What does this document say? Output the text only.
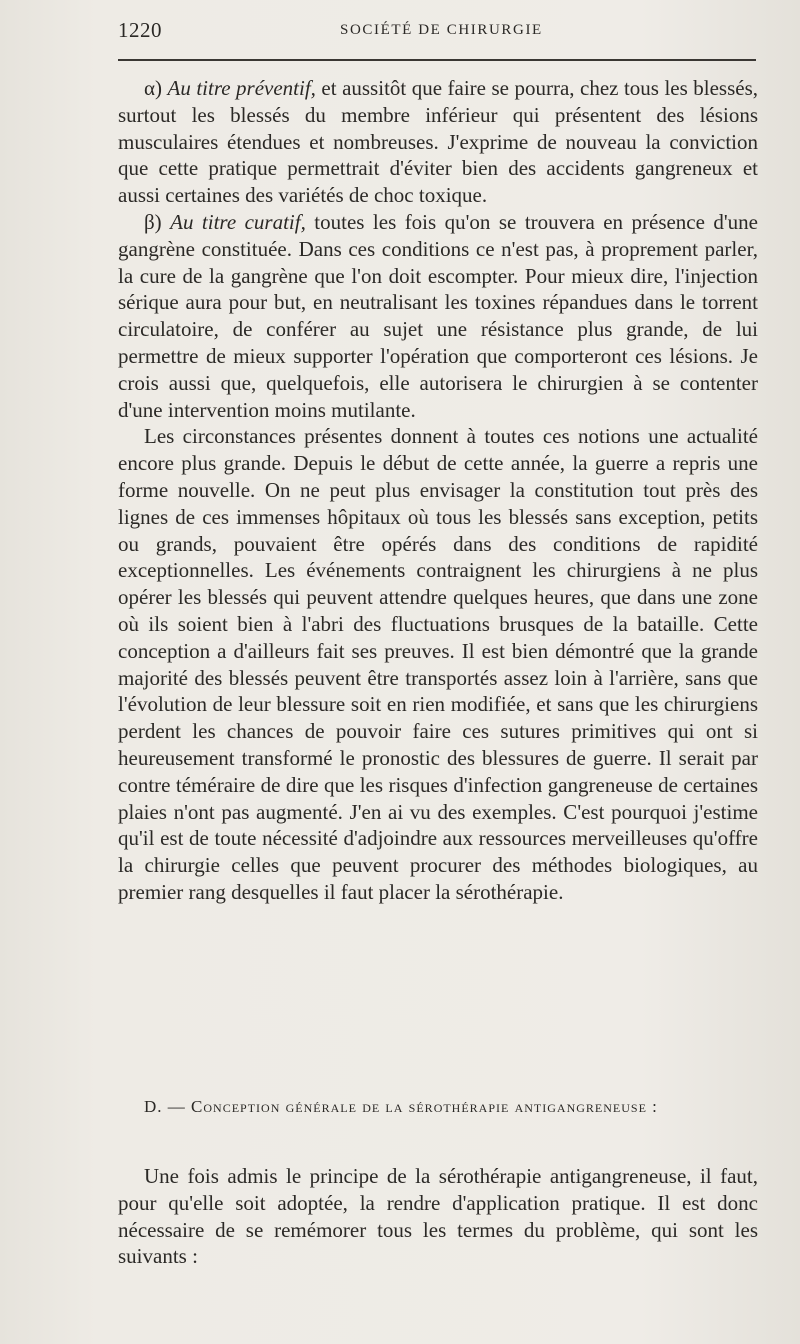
1220	SOCIÉTÉ DE CHIRURGIE

α) Au titre préventif, et aussitôt que faire se pourra, chez tous les blessés, surtout les blessés du membre inférieur qui présentent des lésions musculaires étendues et nombreuses. J'exprime de nouveau la conviction que cette pratique permettrait d'éviter bien des accidents gangreneux et aussi certaines des variétés de choc toxique.

β) Au titre curatif, toutes les fois qu'on se trouvera en présence d'une gangrène constituée. Dans ces conditions ce n'est pas, à proprement parler, la cure de la gangrène que l'on doit escompter. Pour mieux dire, l'injection sérique aura pour but, en neutralisant les toxines répandues dans le torrent circulatoire, de conférer au sujet une résistance plus grande, de lui permettre de mieux supporter l'opération que comporteront ces lésions. Je crois aussi que, quelquefois, elle autorisera le chirurgien à se contenter d'une intervention moins mutilante.

Les circonstances présentes donnent à toutes ces notions une actualité encore plus grande. Depuis le début de cette année, la guerre a repris une forme nouvelle. On ne peut plus envisager la constitution tout près des lignes de ces immenses hôpitaux où tous les blessés sans exception, petits ou grands, pouvaient être opérés dans des conditions de rapidité exceptionnelles. Les événements contraignent les chirurgiens à ne plus opérer les blessés qui peuvent attendre quelques heures, que dans une zone où ils soient bien à l'abri des fluctuations brusques de la bataille. Cette conception a d'ailleurs fait ses preuves. Il est bien démontré que la grande majorité des blessés peuvent être transportés assez loin à l'arrière, sans que l'évolution de leur blessure soit en rien modifiée, et sans que les chirurgiens perdent les chances de pouvoir faire ces sutures primitives qui ont si heureusement transformé le pronostic des blessures de guerre. Il serait par contre téméraire de dire que les risques d'infection gangreneuse de certaines plaies n'ont pas augmenté. J'en ai vu des exemples. C'est pourquoi j'estime qu'il est de toute nécessité d'adjoindre aux ressources merveilleuses qu'offre la chirurgie celles que peuvent procurer des méthodes biologiques, au premier rang desquelles il faut placer la sérothérapie.

D. — Conception générale de la sérothérapie antigangreneuse :

Une fois admis le principe de la sérothérapie antigangreneuse, il faut, pour qu'elle soit adoptée, la rendre d'application pratique. Il est donc nécessaire de se remémorer tous les termes du problème, qui sont les suivants :
